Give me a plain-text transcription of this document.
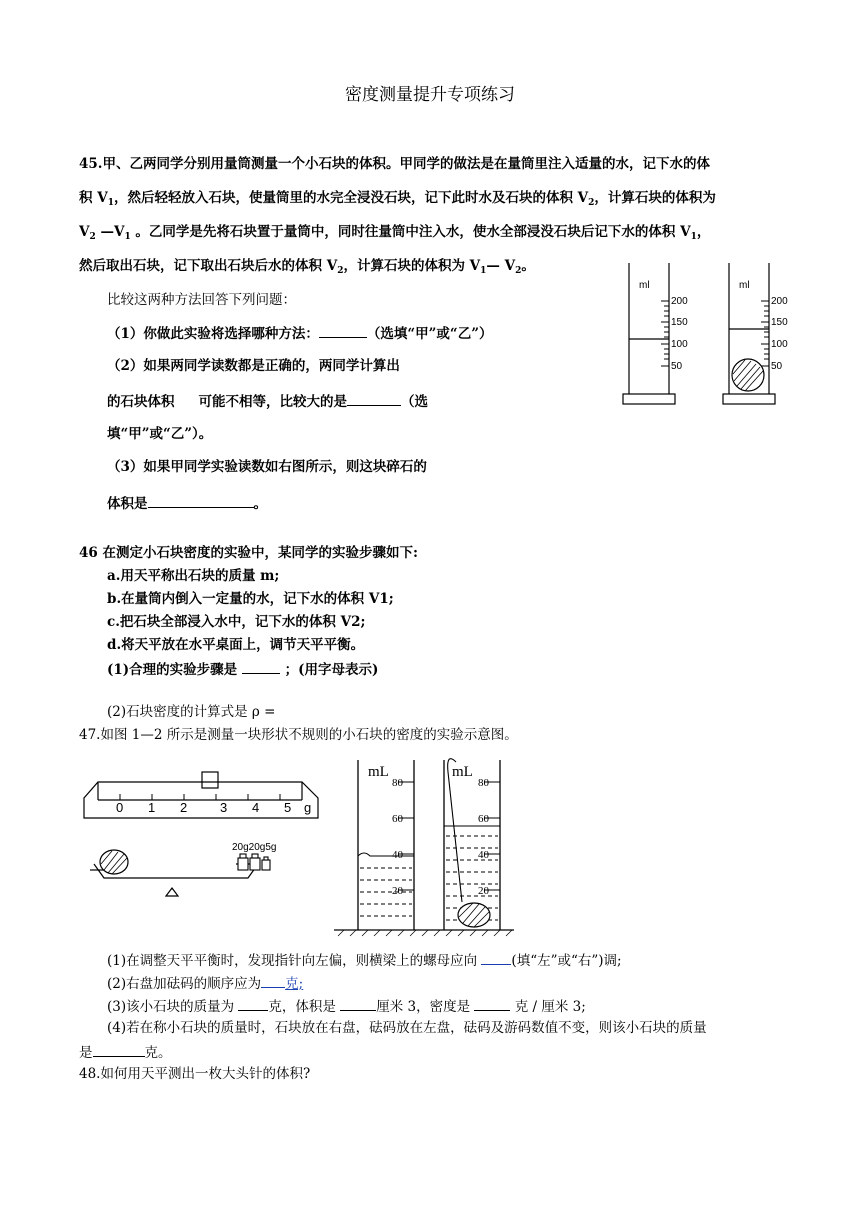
密度测量提升专项练习
45.甲、乙两同学分别用量筒测量一个小石块的体积。甲同学的做法是在量筒里注入适量的水，记下水的体
积 $V_1$，然后轻轻放入石块，使量筒里的水完全浸没石块，记下此时水及石块的体积 $V_2$，计算石块的体积为
$V_2$ $—V_1$ 。乙同学是先将石块置于量筒中，同时往量筒中注入水，使水全部浸没石块后记下水的体积 $V_1$，
然后取出石块，记下取出石块后水的体积 $V_2$，计算石块的体积为 $V_1—$ $V_2$。
比较这两种方法回答下列问题：
（1）你做此实验将选择哪种方法：	（选填“甲”或“乙”）
（2）如果两同学读数都是正确的，两同学计算出
的石块体积 可能不相等，比较大的是	（选
填“甲”或“乙”）。
（3）如果甲同学实验读数如右图所示，则这块碎石的
体积是	。
ml	ml
200
150
100
50
200
150
100
50
46 在测定小石块密度的实验中，某同学的实验步骤如下:
a.用天平称出石块的质量 m;
b.在量筒内倒入一定量的水，记下水的体积 V1;
c.把石块全部浸入水中，记下水的体积 V2;
d.将天平放在水平桌面上，调节天平平衡。
(1)合理的实验步骤是	；(用字母表示)
(2)石块密度的计算式是 ρ =
47.如图 1—2 所示是测量一块形状不规则的小石块的密度的实验示意图。
0 1 2	3 4 5 g
20g20g5g
mL	mL
80
60
40
20
80
60
40
20
(1)在调整天平平衡时，发现指针向左偏，则横梁上的螺母应向	(填“左”或“右”)调;
(2)右盘加砝码的顺序应为 克;
(3)该小石块的质量为	克，体积是	厘米 3，密度是	克 / 厘米 3;
(4)若在称小石块的质量时，石块放在右盘，砝码放在左盘，砝码及游码数值不变，则该小石块的质量
是	克。
48.如何用天平测出一枚大头针的体积?
